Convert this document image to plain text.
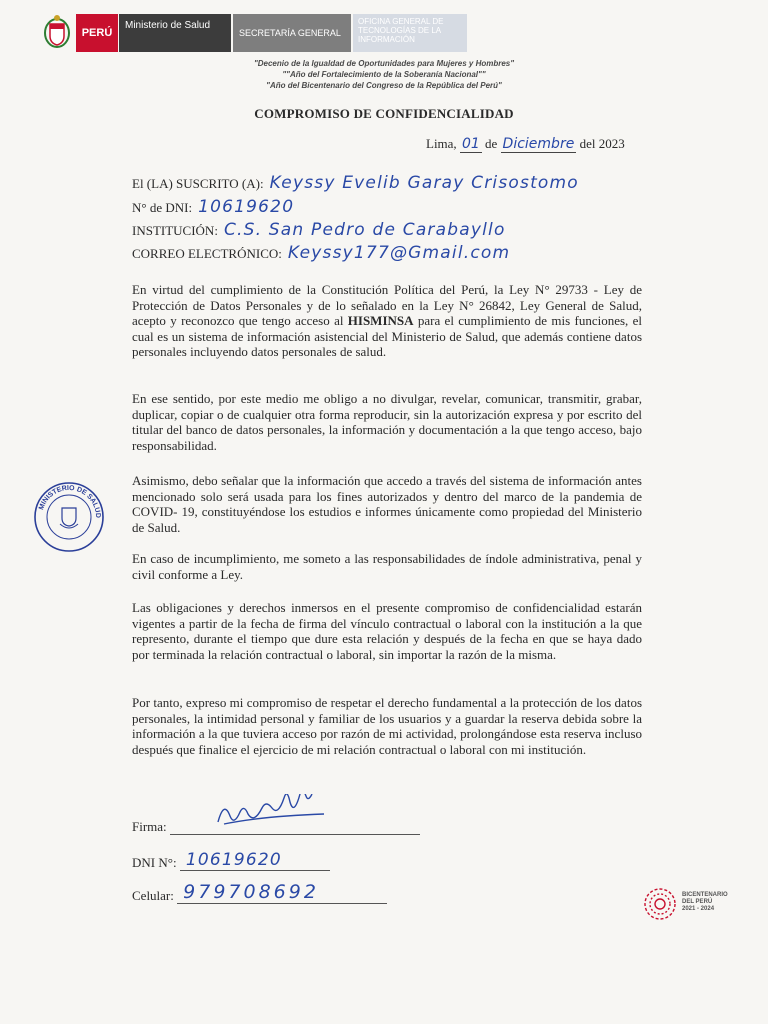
PERÚ
Ministerio de Salud
SECRETARÍA GENERAL
OFICINA GENERAL DE TECNOLOGÍAS DE LA INFORMACIÓN
"Decenio de la Igualdad de Oportunidades para Mujeres y Hombres"
""Año del Fortalecimiento de la Soberanía Nacional""
"Año del Bicentenario del Congreso de la República del Perú"
COMPROMISO DE CONFIDENCIALIDAD
Lima, 01 de Diciembre del 2023
El (LA) SUSCRITO (A): Keyssy Evelib Garay Crisostomo
N° de DNI: 10619620
INSTITUCIÓN: C.S. San Pedro de Carabayllo
CORREO ELECTRÓNICO: Keyssy177@Gmail.com

En virtud del cumplimiento de la Constitución Política del Perú, la Ley N° 29733 - Ley de Protección de Datos Personales y de lo señalado en la Ley N° 26842, Ley General de Salud, acepto y reconozco que tengo acceso al HISMINSA para el cumplimiento de mis funciones, el cual es un sistema de información asistencial del Ministerio de Salud, que además contiene datos personales incluyendo datos personales de salud.

En ese sentido, por este medio me obligo a no divulgar, revelar, comunicar, transmitir, grabar, duplicar, copiar o de cualquier otra forma reproducir, sin la autorización expresa y por escrito del titular del banco de datos personales, la información y documentación a la que tengo acceso, bajo responsabilidad.

Asimismo, debo señalar que la información que accedo a través del sistema de información antes mencionado solo será usada para los fines autorizados y dentro del marco de la pandemia de COVID- 19, constituyéndose los estudios e informes únicamente como propiedad del Ministerio de Salud.

En caso de incumplimiento, me someto a las responsabilidades de índole administrativa, penal y civil conforme a Ley.

Las obligaciones y derechos inmersos en el presente compromiso de confidencialidad estarán vigentes a partir de la fecha de firma del vínculo contractual o laboral con la institución a la que represento, durante el tiempo que dure esta relación y después de la fecha en que se haya dado por terminada la relación contractual o laboral, sin importar la razón de la misma.

Por tanto, expreso mi compromiso de respetar el derecho fundamental a la protección de los datos personales, la intimidad personal y familiar de los usuarios y a guardar la reserva debida sobre la información a la que tuviera acceso por razón de mi actividad, prolongándose esta reserva incluso después que finalice el ejercicio de mi relación contractual o laboral con mi institución.

MINISTERIO DE SALUD
Firma:
DNI N°: 10619620
Celular: 979708692	BICENTENARIO
DEL PERÚ
2021 - 2024
